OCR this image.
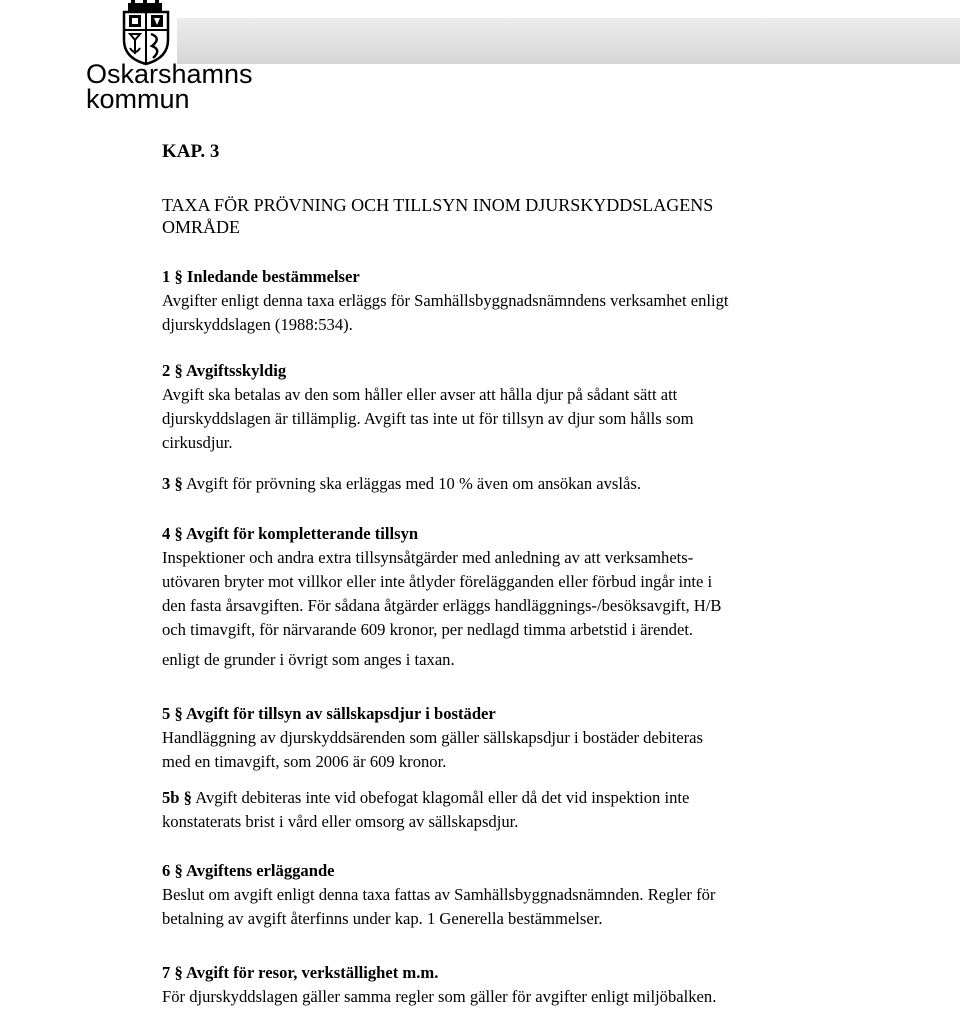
Oskarshamns
kommun
KAP. 3
TAXA FÖR PRÖVNING OCH TILLSYN INOM DJURSKYDDSLAGENS
OMRÅDE
1 § Inledande bestämmelser
Avgifter enligt denna taxa erläggs för Samhällsbyggnadsnämndens verksamhet enligt
djurskyddslagen (1988:534).
2 § Avgiftsskyldig
Avgift ska betalas av den som håller eller avser att hålla djur på sådant sätt att
djurskyddslagen är tillämplig. Avgift tas inte ut för tillsyn av djur som hålls som
cirkusdjur.
3 § Avgift för prövning ska erläggas med 10 % även om ansökan avslås.
4 § Avgift för kompletterande tillsyn
Inspektioner och andra extra tillsynsåtgärder med anledning av att verksamhets-
utövaren bryter mot villkor eller inte åtlyder förelägganden eller förbud ingår inte i
den fasta årsavgiften. För sådana åtgärder erläggs handläggnings-/besöksavgift, H/B
och timavgift, för närvarande 609 kronor, per nedlagd timma arbetstid i ärendet.
enligt de grunder i övrigt som anges i taxan.
5 § Avgift för tillsyn av sällskapsdjur i bostäder
Handläggning av djurskyddsärenden som gäller sällskapsdjur i bostäder debiteras
med en timavgift, som 2006 är 609 kronor.
5b § Avgift debiteras inte vid obefogat klagomål eller då det vid inspektion inte
konstaterats brist i vård eller omsorg av sällskapsdjur.
6 § Avgiftens erläggande
Beslut om avgift enligt denna taxa fattas av Samhällsbyggnadsnämnden. Regler för
betalning av avgift återfinns under kap. 1 Generella bestämmelser.
7 § Avgift för resor, verkställighet m.m.
För djurskyddslagen gäller samma regler som gäller för avgifter enligt miljöbalken.
